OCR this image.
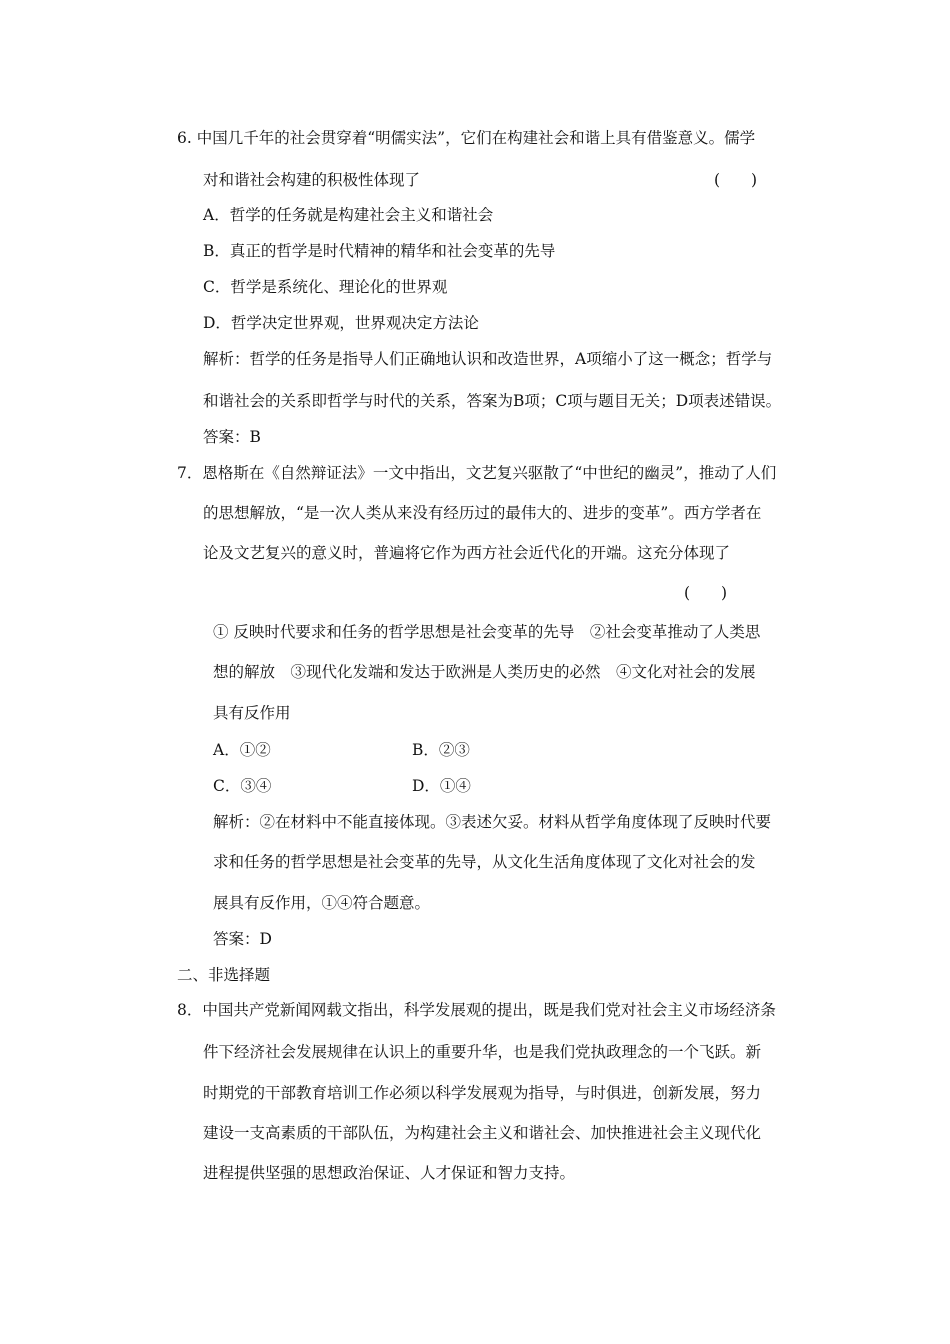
6. 中国几千年的社会贯穿着“明儒实法”，它们在构建社会和谐上具有借鉴意义。儒学
对和谐社会构建的积极性体现了	(　　)
A．哲学的任务就是构建社会主义和谐社会
B．真正的哲学是时代精神的精华和社会变革的先导
C．哲学是系统化、理论化的世界观
D．哲学决定世界观，世界观决定方法论
解析：哲学的任务是指导人们正确地认识和改造世界，A项缩小了这一概念；哲学与
和谐社会的关系即哲学与时代的关系，答案为B项；C项与题目无关；D项表述错误。
答案：B
7．恩格斯在《自然辩证法》一文中指出，文艺复兴驱散了“中世纪的幽灵”，推动了人们
的思想解放，“是一次人类从来没有经历过的最伟大的、进步的变革”。西方学者在
论及文艺复兴的意义时，普遍将它作为西方社会近代化的开端。这充分体现了
(　　)
① 反映时代要求和任务的哲学思想是社会变革的先导　②社会变革推动了人类思
想的解放　③现代化发端和发达于欧洲是人类历史的必然　④文化对社会的发展
具有反作用
A．①②	B．②③
C．③④	D．①④
解析：②在材料中不能直接体现。③表述欠妥。材料从哲学角度体现了反映时代要
求和任务的哲学思想是社会变革的先导，从文化生活角度体现了文化对社会的发
展具有反作用，①④符合题意。
答案：D
二、非选择题
8．中国共产党新闻网载文指出，科学发展观的提出，既是我们党对社会主义市场经济条
件下经济社会发展规律在认识上的重要升华，也是我们党执政理念的一个飞跃。新
时期党的干部教育培训工作必须以科学发展观为指导，与时俱进，创新发展，努力
建设一支高素质的干部队伍，为构建社会主义和谐社会、加快推进社会主义现代化
进程提供坚强的思想政治保证、人才保证和智力支持。
